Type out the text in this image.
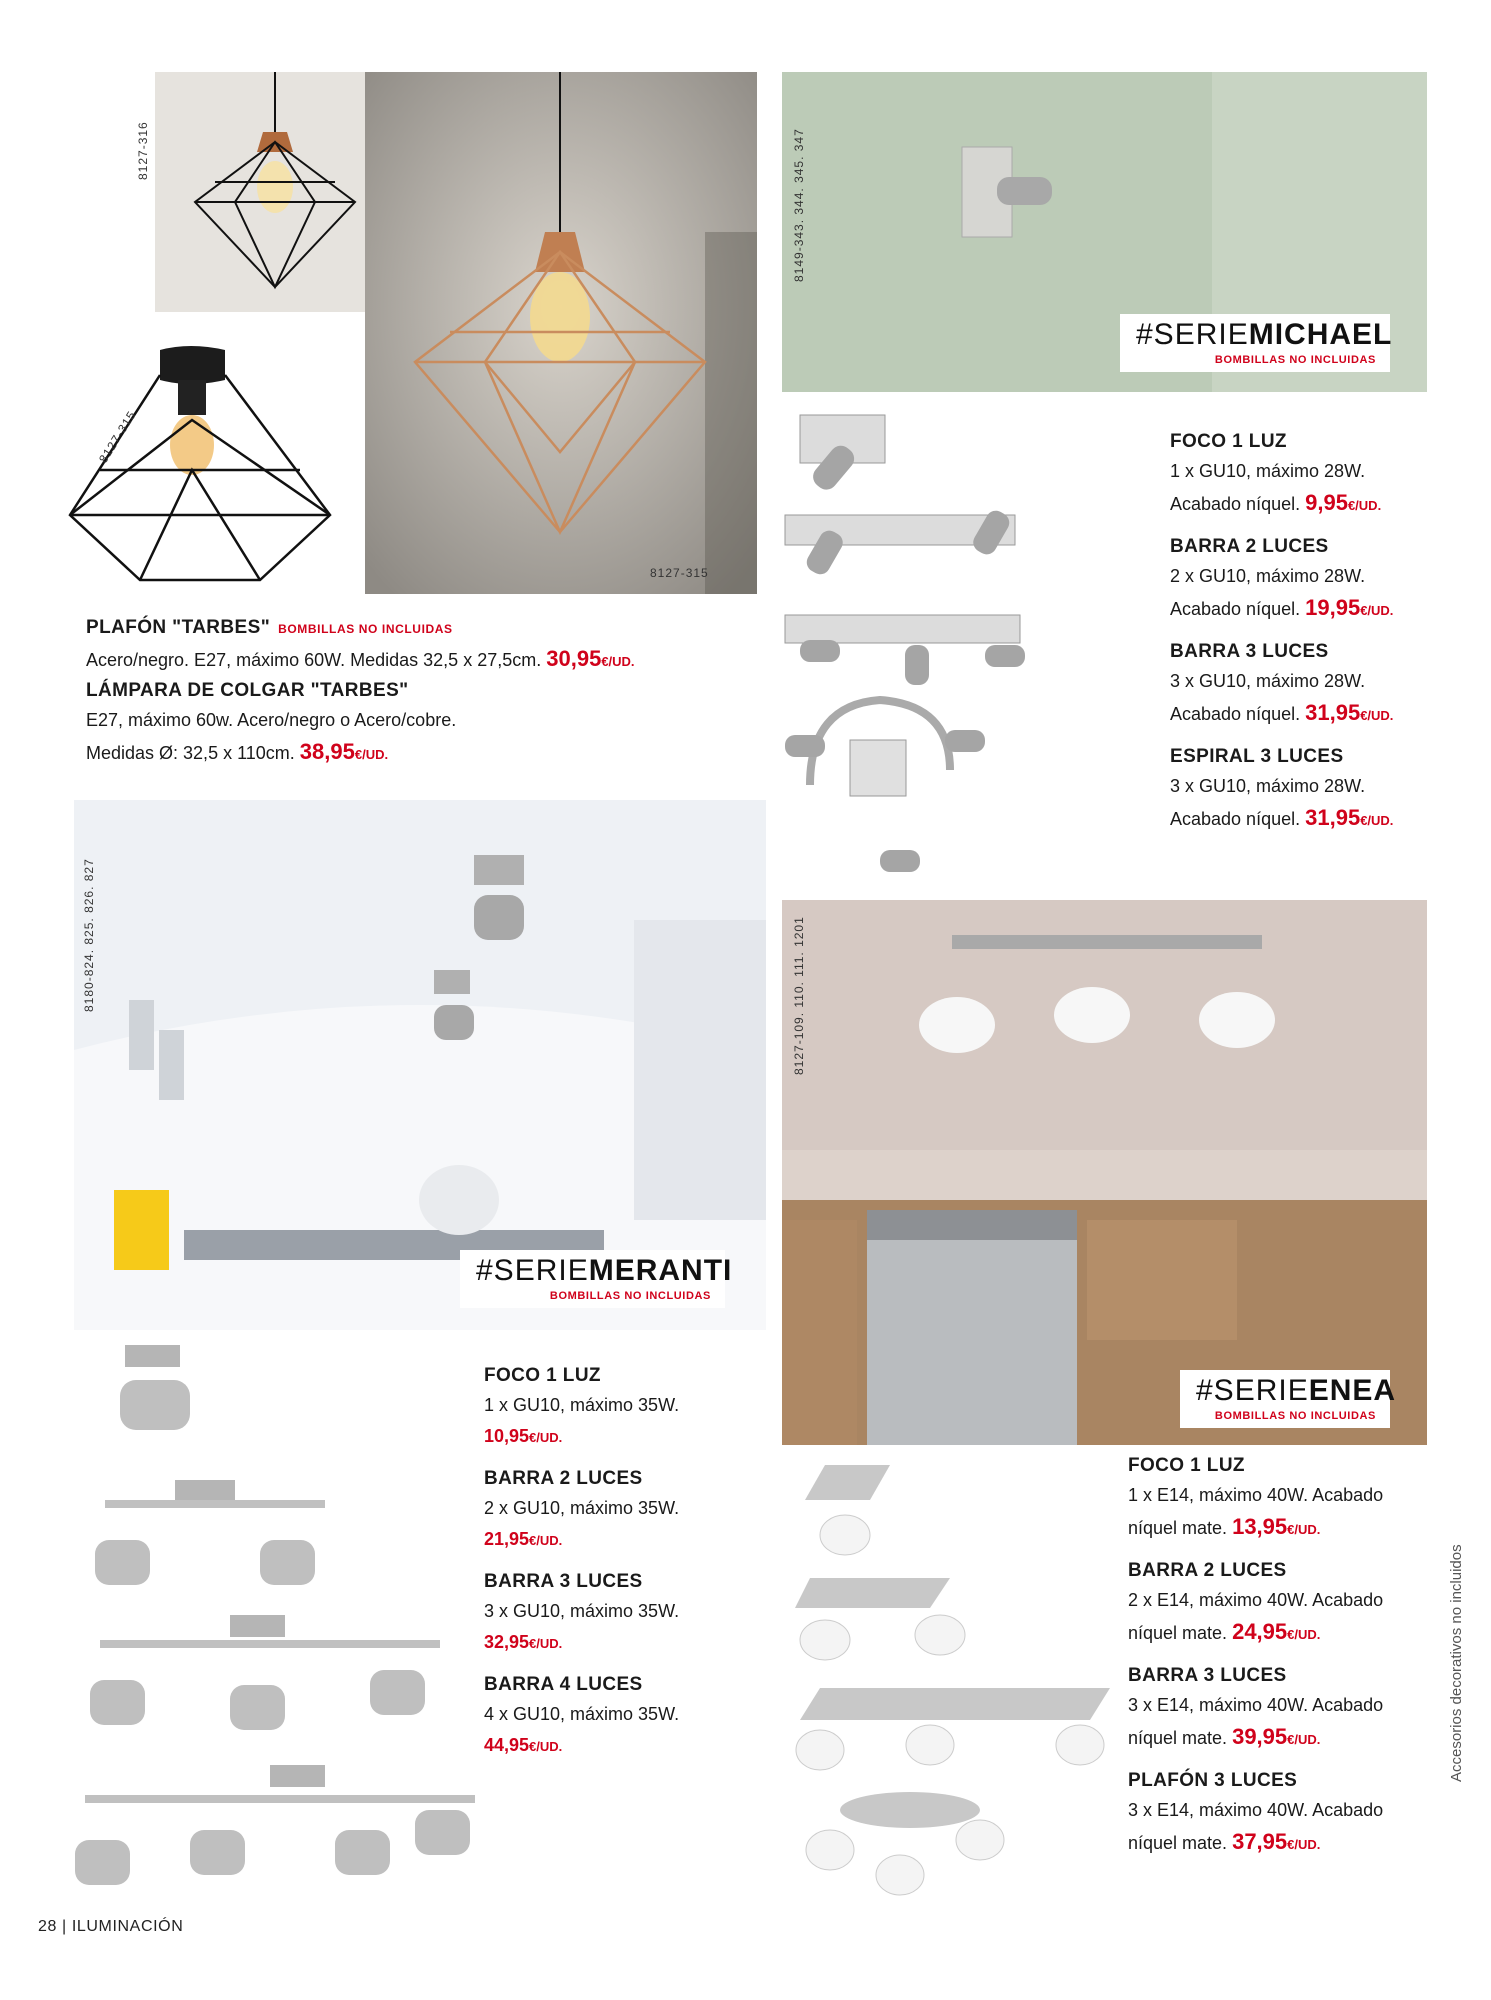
8127-316
8127-315
8127-315
PLAFÓN "TARBES" BOMBILLAS NO INCLUIDAS

Acero/negro. E27, máximo 60W. Medidas 32,5 x 27,5cm. 30,95€/UD.

LÁMPARA DE COLGAR "TARBES"

E27, máximo 60w. Acero/negro o Acero/cobre.

Medidas Ø: 32,5 x 110cm. 38,95€/UD.

8149-343. 344. 345. 347
#SERIEMICHAEL
BOMBILLAS NO INCLUIDAS
FOCO 1 LUZ

1 x GU10, máximo 28W.

Acabado níquel. 9,95€/UD.

BARRA 2 LUCES

2 x GU10, máximo 28W.

Acabado níquel. 19,95€/UD.

BARRA 3 LUCES

3 x GU10, máximo 28W.

Acabado níquel. 31,95€/UD.

ESPIRAL 3 LUCES

3 x GU10, máximo 28W.

Acabado níquel. 31,95€/UD.

8180-824. 825. 826. 827
#SERIEMERANTI
BOMBILLAS NO INCLUIDAS
FOCO 1 LUZ

1 x GU10, máximo 35W.

10,95€/UD.

BARRA 2 LUCES

2 x GU10, máximo 35W.

21,95€/UD.

BARRA 3 LUCES

3 x GU10, máximo 35W.

32,95€/UD.

BARRA 4 LUCES

4 x GU10, máximo 35W.

44,95€/UD.

8127-109. 110. 111. 1201
#SERIEENEA
BOMBILLAS NO INCLUIDAS
FOCO 1 LUZ

1 x E14, máximo 40W. Acabado

níquel mate. 13,95€/UD.

BARRA 2 LUCES

2 x E14, máximo 40W. Acabado

níquel mate. 24,95€/UD.

BARRA 3 LUCES

3 x E14, máximo 40W. Acabado

níquel mate. 39,95€/UD.

PLAFÓN 3 LUCES

3 x E14, máximo 40W. Acabado

níquel mate. 37,95€/UD.

28 | ILUMINACIÓN
Accesorios decorativos no incluidos
